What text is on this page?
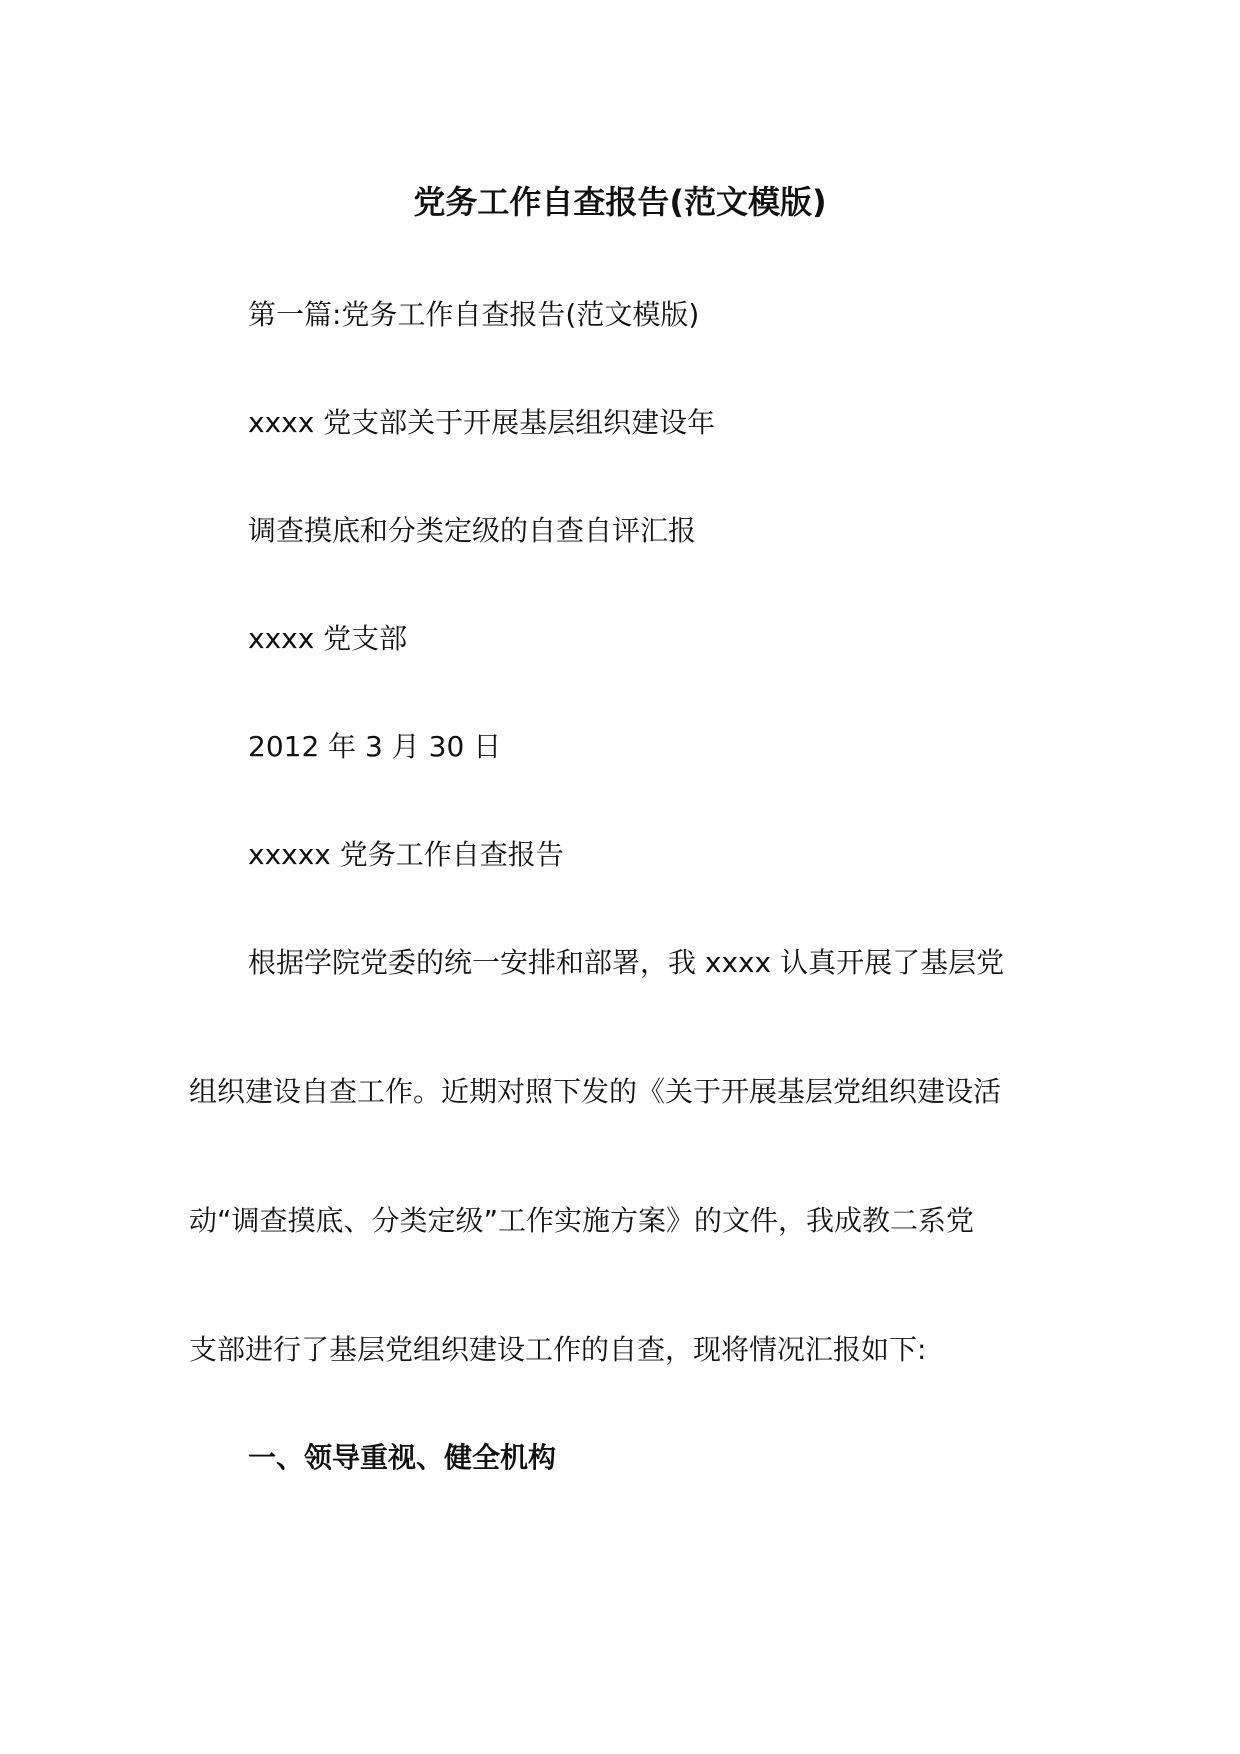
党务工作自查报告(范文模版)
第一篇:党务工作自查报告(范文模版)
xxxx 党支部关于开展基层组织建设年
调查摸底和分类定级的自查自评汇报
xxxx 党支部
2012 年 3 月 30 日
xxxxx 党务工作自查报告
根据学院党委的统一安排和部署，我 xxxx 认真开展了基层党
组织建设自查工作。近期对照下发的《关于开展基层党组织建设活
动“调查摸底、分类定级”工作实施方案》的文件，我成教二系党
支部进行了基层党组织建设工作的自查，现将情况汇报如下:
一、领导重视、健全机构
